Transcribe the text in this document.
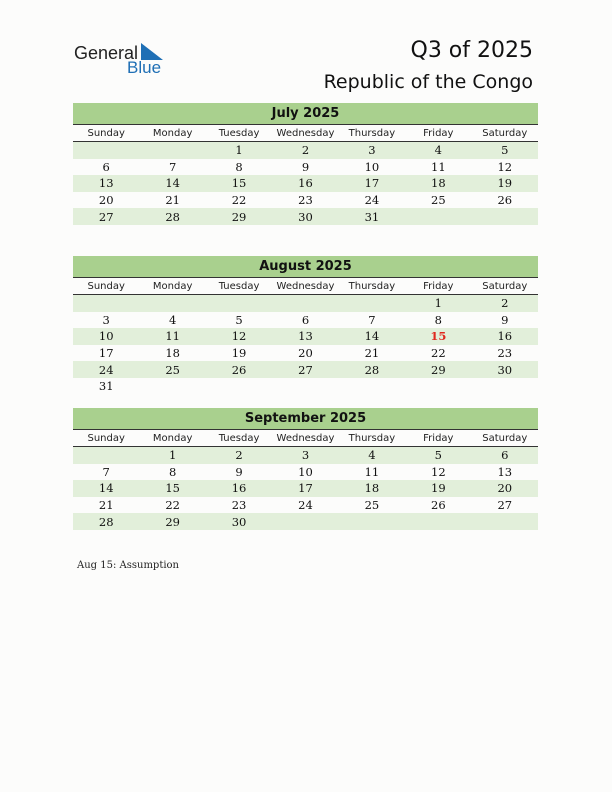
General
Blue
Q3 of 2025
Republic of the Congo
July 2025
Sunday	Monday	Tuesday	Wednesday	Thursday	Friday	Saturday
		1	2	3	4	5
6	7	8	9	10	11	12
13	14	15	16	17	18	19
20	21	22	23	24	25	26
27	28	29	30	31		
August 2025
Sunday	Monday	Tuesday	Wednesday	Thursday	Friday	Saturday
					1	2
3	4	5	6	7	8	9
10	11	12	13	14	15	16
17	18	19	20	21	22	23
24	25	26	27	28	29	30
31						
September 2025
Sunday	Monday	Tuesday	Wednesday	Thursday	Friday	Saturday
	1	2	3	4	5	6
7	8	9	10	11	12	13
14	15	16	17	18	19	20
21	22	23	24	25	26	27
28	29	30				
Aug 15: Assumption
